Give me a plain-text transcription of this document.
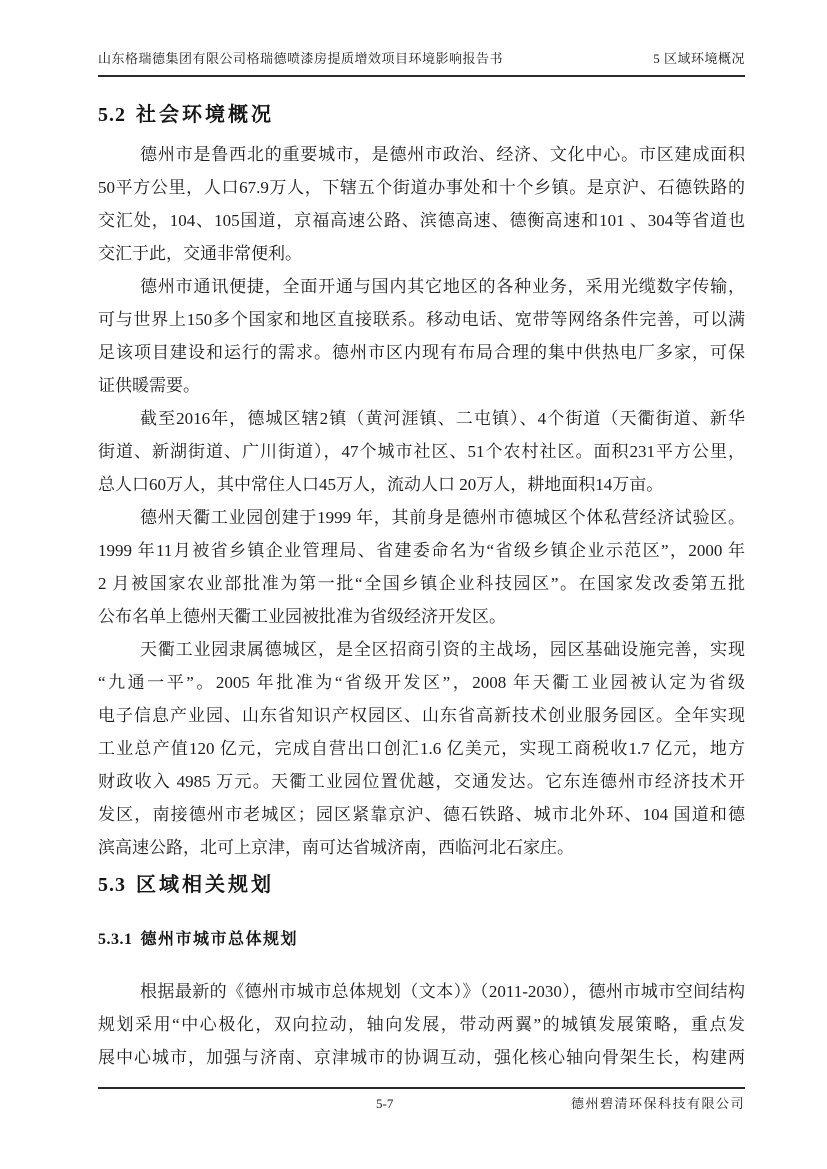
山东格瑞德集团有限公司格瑞德喷漆房提质增效项目环境影响报告书	5 区域环境概况
5.2 社会环境概况
德州市是鲁西北的重要城市，是德州市政治、经济、文化中心。市区建成面积
50平方公里，人口67.9万人，下辖五个街道办事处和十个乡镇。是京沪、石德铁路的
交汇处，104、105国道，京福高速公路、滨德高速、德衡高速和101 、304等省道也
交汇于此，交通非常便利。
德州市通讯便捷，全面开通与国内其它地区的各种业务，采用光缆数字传输，
可与世界上150多个国家和地区直接联系。移动电话、宽带等网络条件完善，可以满
足该项目建设和运行的需求。德州市区内现有布局合理的集中供热电厂多家，可保
证供暖需要。
截至2016年，德城区辖2镇（黄河涯镇、二屯镇）、4个街道（天衢街道、新华
街道、新湖街道、广川街道），47个城市社区、51个农村社区。面积231平方公里，
总人口60万人，其中常住人口45万人，流动人口 20万人，耕地面积14万亩。
德州天衢工业园创建于1999 年，其前身是德州市德城区个体私营经济试验区。
1999 年11月被省乡镇企业管理局、省建委命名为“省级乡镇企业示范区”，2000 年
2 月被国家农业部批准为第一批“全国乡镇企业科技园区”。在国家发改委第五批
公布名单上德州天衢工业园被批准为省级经济开发区。
天衢工业园隶属德城区，是全区招商引资的主战场，园区基础设施完善，实现
“九通一平”。2005 年批准为“省级开发区”，2008 年天衢工业园被认定为省级
电子信息产业园、山东省知识产权园区、山东省高新技术创业服务园区。全年实现
工业总产值120 亿元，完成自营出口创汇1.6 亿美元，实现工商税收1.7 亿元，地方
财政收入 4985 万元。天衢工业园位置优越，交通发达。它东连德州市经济技术开
发区，南接德州市老城区；园区紧靠京沪、德石铁路、城市北外环、104 国道和德
滨高速公路，北可上京津，南可达省城济南，西临河北石家庄。
5.3 区域相关规划
5.3.1 德州市城市总体规划
根据最新的《德州市城市总体规划（文本）》（2011-2030），德州市城市空间结构
规划采用“中心极化，双向拉动，轴向发展，带动两翼”的城镇发展策略，重点发
展中心城市，加强与济南、京津城市的协调互动，强化核心轴向骨架生长，构建两
5-7	德州碧清环保科技有限公司
